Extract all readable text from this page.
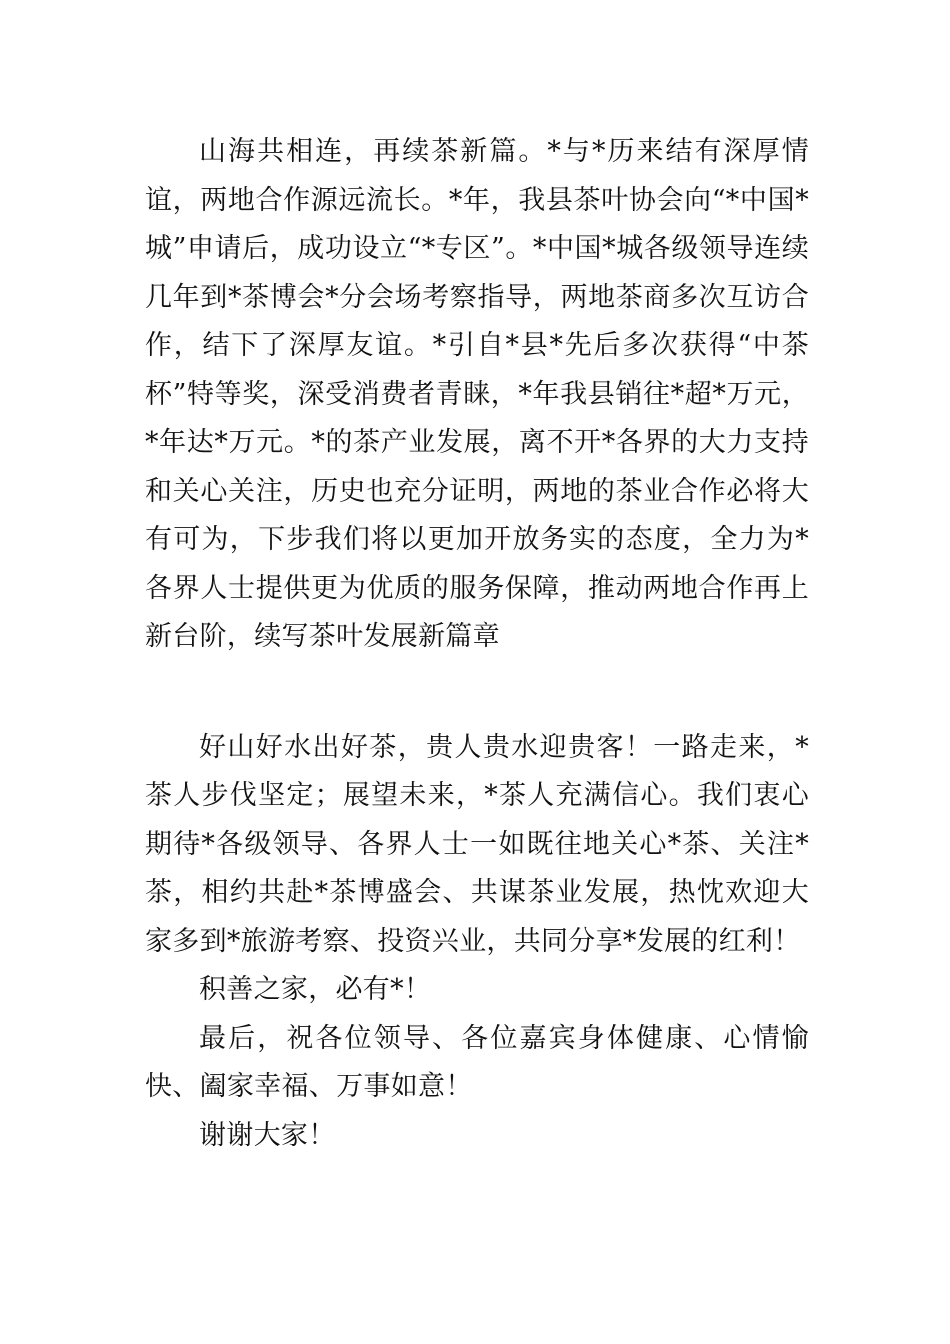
山海共相连，再续茶新篇。*与*历来结有深厚情谊，两地合作源远流长。*年，我县茶叶协会向“*中国*城”申请后，成功设立“*专区”。*中国*城各级领导连续几年到*茶博会*分会场考察指导，两地茶商多次互访合作，结下了深厚友谊。*引自*县*先后多次获得“中茶杯”特等奖，深受消费者青睐，*年我县销往*超*万元，*年达*万元。*的茶产业发展，离不开*各界的大力支持和关心关注，历史也充分证明，两地的茶业合作必将大有可为，下步我们将以更加开放务实的态度，全力为*各界人士提供更为优质的服务保障，推动两地合作再上新台阶，续写茶叶发展新篇章

好山好水出好茶，贵人贵水迎贵客！一路走来，*茶人步伐坚定；展望未来，*茶人充满信心。我们衷心期待*各级领导、各界人士一如既往地关心*茶、关注*茶，相约共赴*茶博盛会、共谋茶业发展，热忱欢迎大家多到*旅游考察、投资兴业，共同分享*发展的红利！

积善之家，必有*！

最后，祝各位领导、各位嘉宾身体健康、心情愉快、阖家幸福、万事如意！

谢谢大家！
